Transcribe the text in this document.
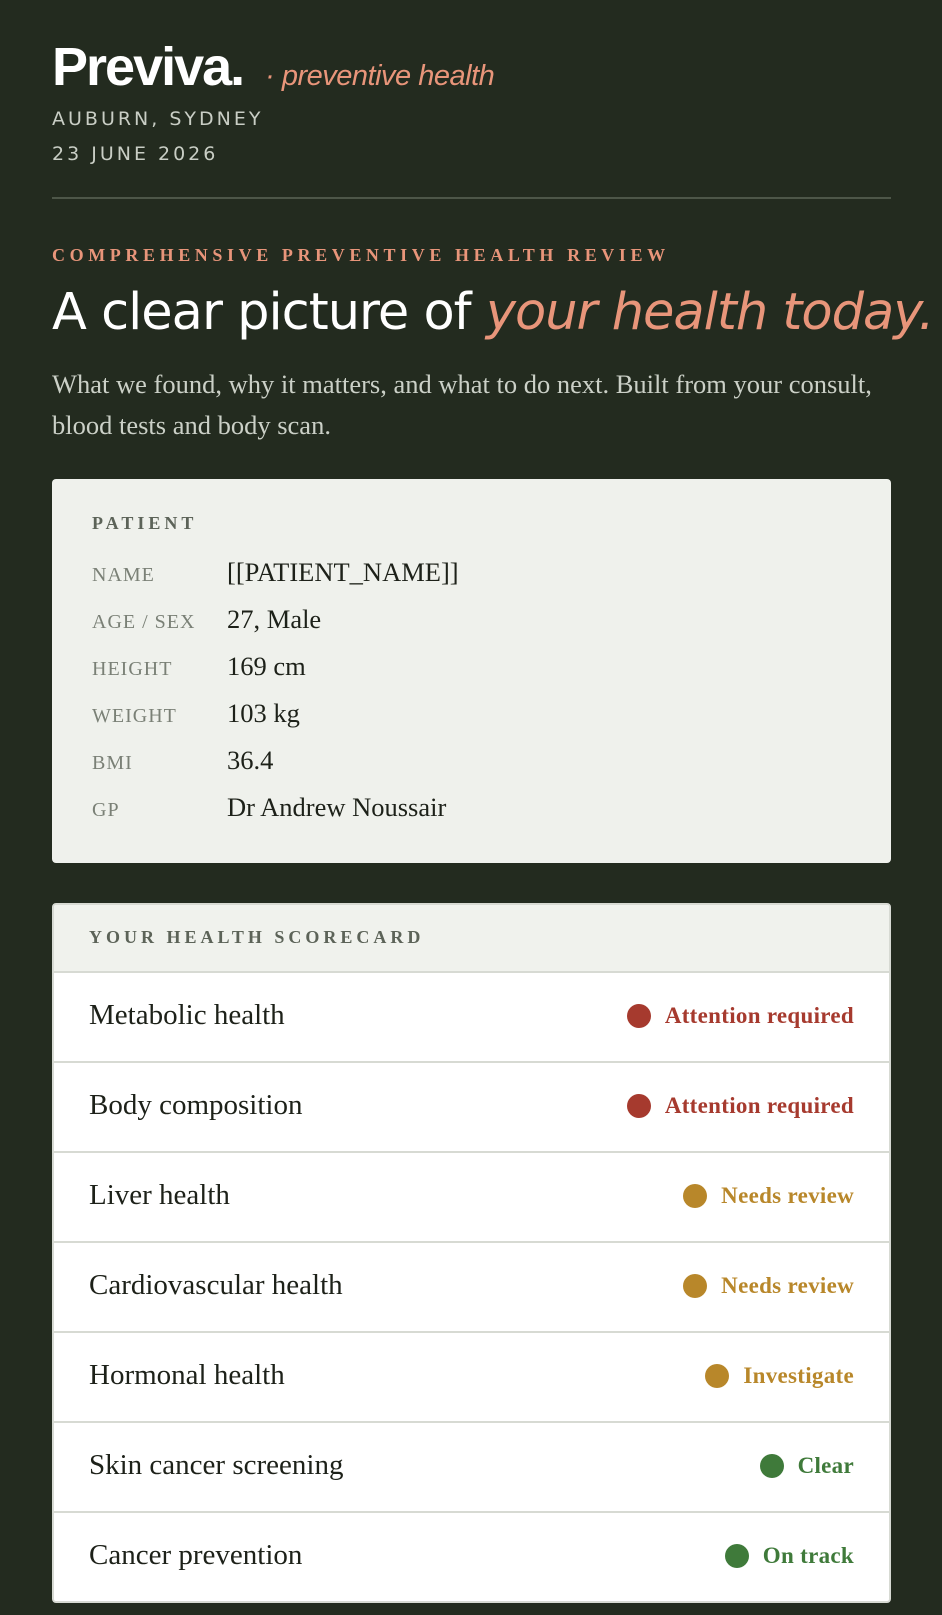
Previva. · preventive health
AUBURN, SYDNEY
23 JUNE 2026
COMPREHENSIVE PREVENTIVE HEALTH REVIEW
A clear picture of your health today.
What we found, why it matters, and what to do next. Built from your consult, blood tests and body scan.
PATIENT
NAME	[[PATIENT_NAME]]
AGE / SEX	27, Male
HEIGHT	169 cm
WEIGHT	103 kg
BMI	36.4
GP	Dr Andrew Noussair
YOUR HEALTH SCORECARD
Metabolic health	Attention required
Body composition	Attention required
Liver health	Needs review
Cardiovascular health	Needs review
Hormonal health	Investigate
Skin cancer screening	Clear
Cancer prevention	On track
